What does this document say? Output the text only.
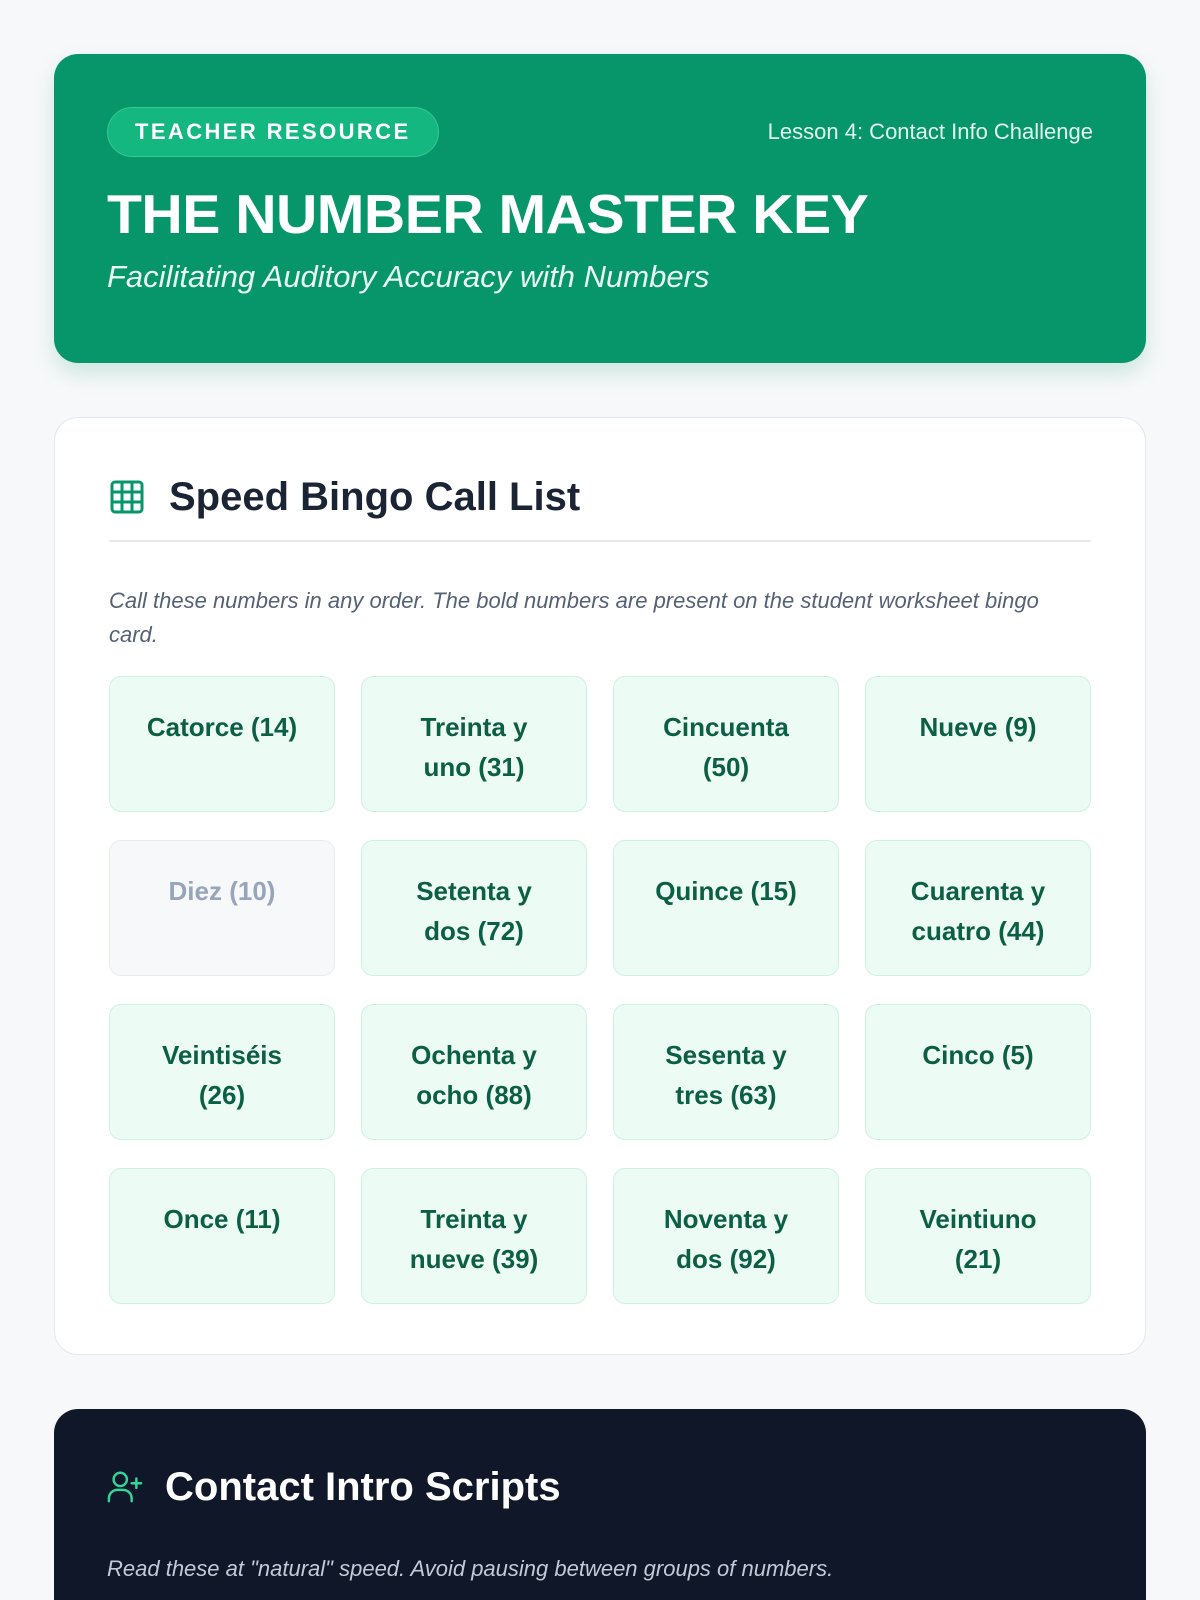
TEACHER RESOURCE	Lesson 4: Contact Info Challenge
THE NUMBER MASTER KEY

Facilitating Auditory Accuracy with Numbers

Speed Bingo Call List

Call these numbers in any order. The bold numbers are present on the student worksheet bingo card.

Catorce (14)	Treinta y
uno (31)
Cincuenta
(50)
Nueve (9)
Diez (10)	Setenta y
dos (72)
Quince (15)	Cuarenta y
cuatro (44)
Veintiséis
(26)
Ochenta y
ocho (88)
Sesenta y
tres (63)
Cinco (5)
Once (11)	Treinta y
nueve (39)
Noventa y
dos (92)
Veintiuno
(21)
Contact Intro Scripts

Read these at "natural" speed. Avoid pausing between groups of numbers.
